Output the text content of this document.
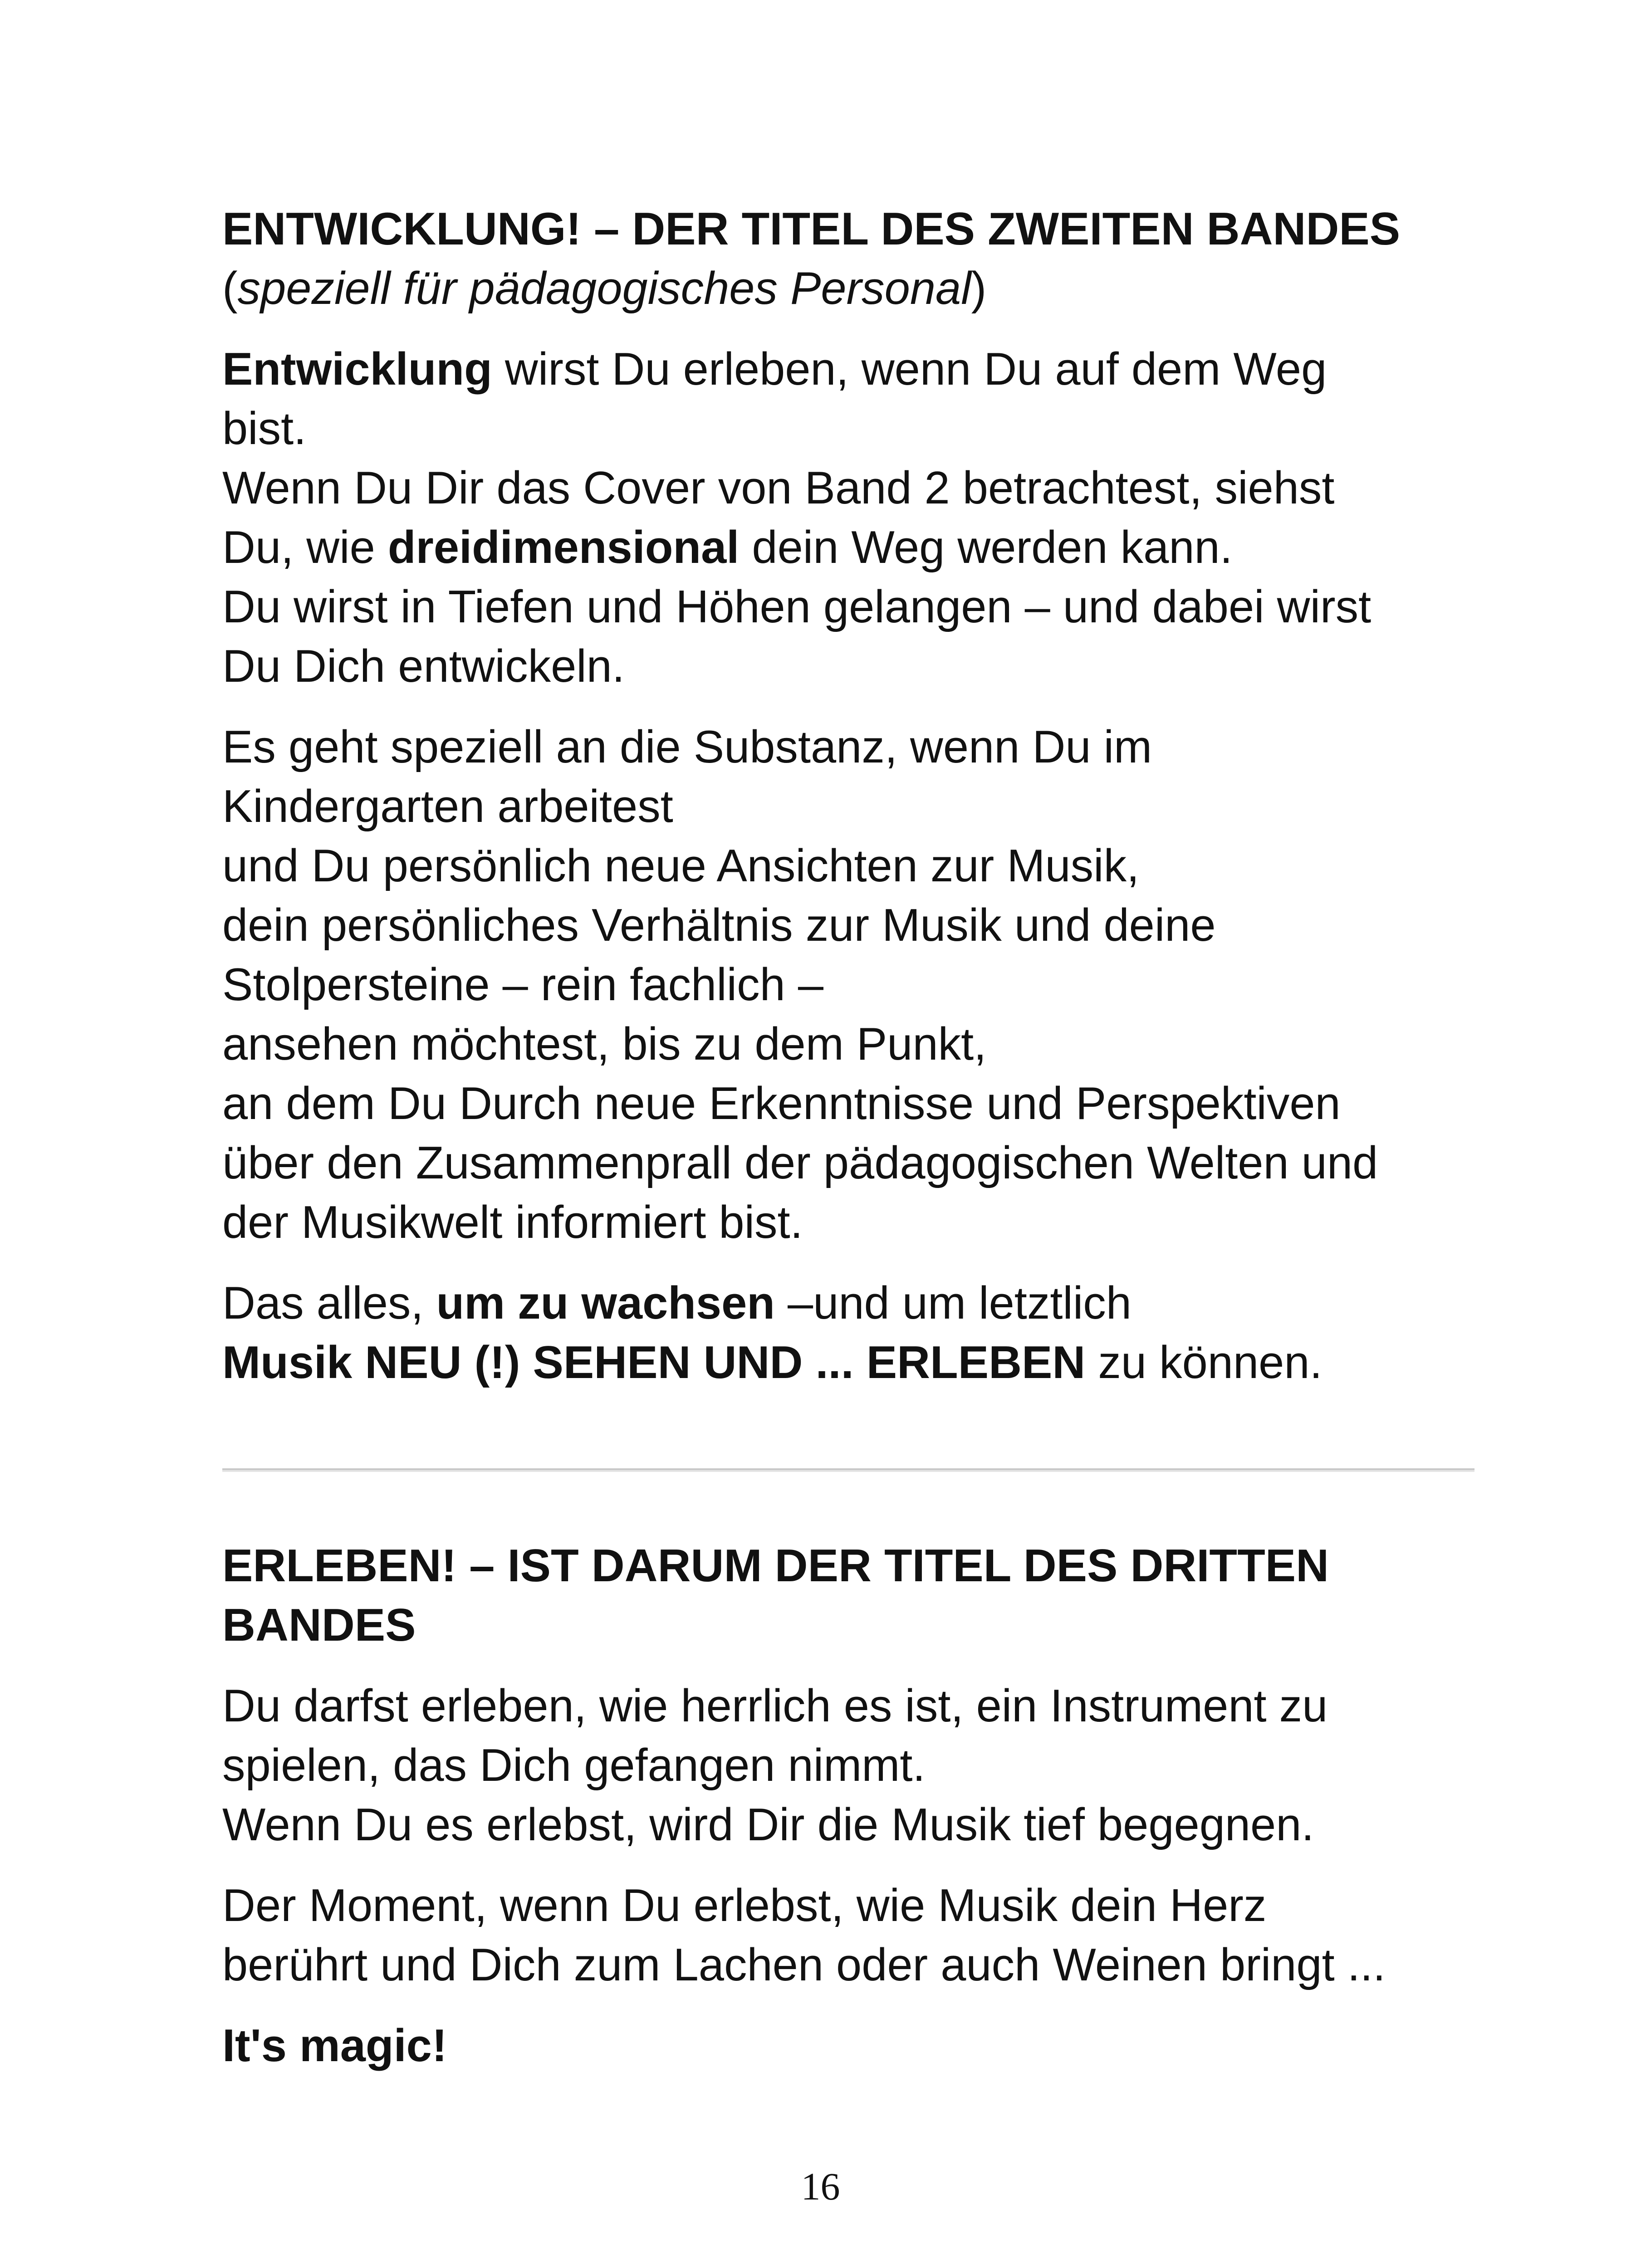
ENTWICKLUNG! – DER TITEL DES ZWEITEN BANDES

(speziell für pädagogisches Personal)

Entwicklung wirst Du erleben, wenn Du auf dem Weg

bist.

Wenn Du Dir das Cover von Band 2 betrachtest, siehst

Du, wie dreidimensional dein Weg werden kann.

Du wirst in Tiefen und Höhen gelangen – und dabei wirst

Du Dich entwickeln.

Es geht speziell an die Substanz, wenn Du im

Kindergarten arbeitest

und Du persönlich neue Ansichten zur Musik,

dein persönliches Verhältnis zur Musik und deine

Stolpersteine – rein fachlich –

ansehen möchtest, bis zu dem Punkt,

an dem Du Durch neue Erkenntnisse und Perspektiven

über den Zusammenprall der pädagogischen Welten und

der Musikwelt informiert bist.

Das alles, um zu wachsen –und um letztlich

Musik NEU (!) SEHEN UND ... ERLEBEN zu können.

ERLEBEN! – IST DARUM DER TITEL DES DRITTEN

BANDES

Du darfst erleben, wie herrlich es ist, ein Instrument zu

spielen, das Dich gefangen nimmt.

Wenn Du es erlebst, wird Dir die Musik tief begegnen.

Der Moment, wenn Du erlebst, wie Musik dein Herz

berührt und Dich zum Lachen oder auch Weinen bringt ...

It's magic!

16
